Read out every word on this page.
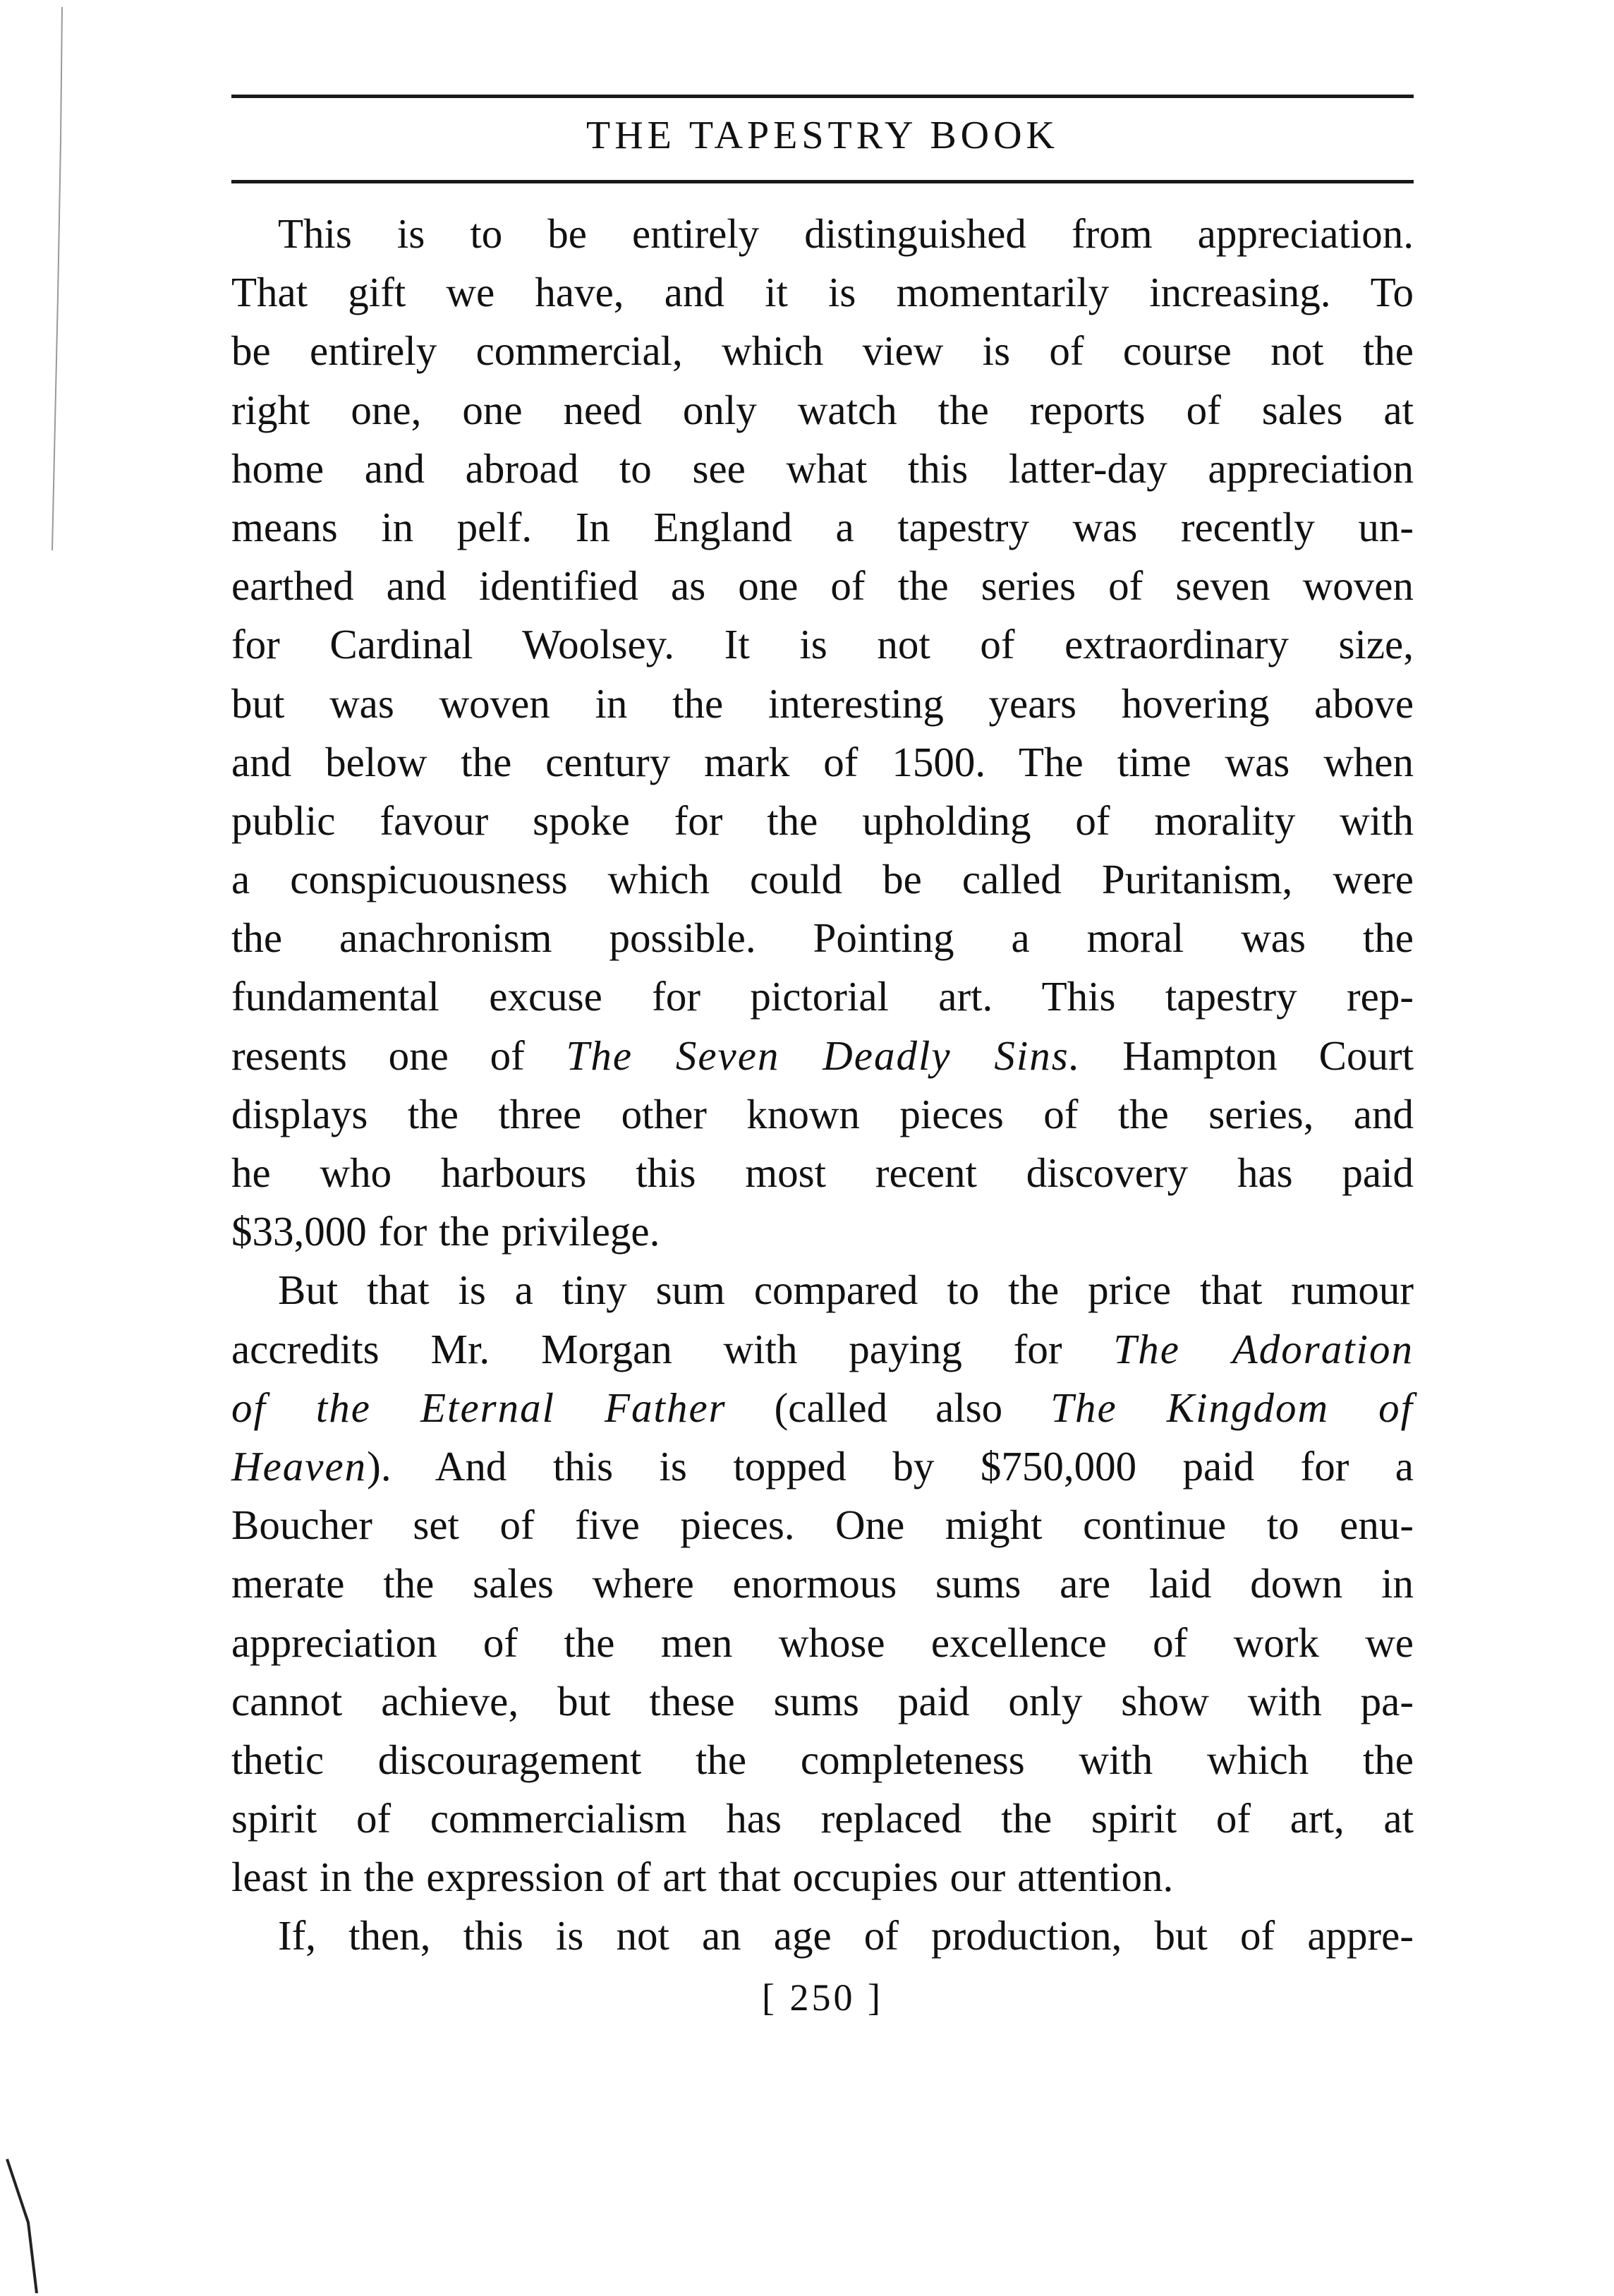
THE TAPESTRY BOOK
This is to be entirely distinguished from appreciation.
That gift we have, and it is momentarily increasing. To
be entirely commercial, which view is of course not the
right one, one need only watch the reports of sales at
home and abroad to see what this latter-day appreciation
means in pelf. In England a tapestry was recently un-
earthed and identified as one of the series of seven woven
for Cardinal Woolsey. It is not of extraordinary size,
but was woven in the interesting years hovering above
and below the century mark of 1500. The time was when
public favour spoke for the upholding of morality with
a conspicuousness which could be called Puritanism, were
the anachronism possible. Pointing a moral was the
fundamental excuse for pictorial art. This tapestry rep-
resents one of The Seven Deadly Sins. Hampton Court
displays the three other known pieces of the series, and
he who harbours this most recent discovery has paid
$33,000 for the privilege.
But that is a tiny sum compared to the price that rumour
accredits Mr. Morgan with paying for The Adoration
of the Eternal Father (called also The Kingdom of
Heaven). And this is topped by $750,000 paid for a
Boucher set of five pieces. One might continue to enu-
merate the sales where enormous sums are laid down in
appreciation of the men whose excellence of work we
cannot achieve, but these sums paid only show with pa-
thetic discouragement the completeness with which the
spirit of commercialism has replaced the spirit of art, at
least in the expression of art that occupies our attention.
If, then, this is not an age of production, but of appre-
[ 250 ]
